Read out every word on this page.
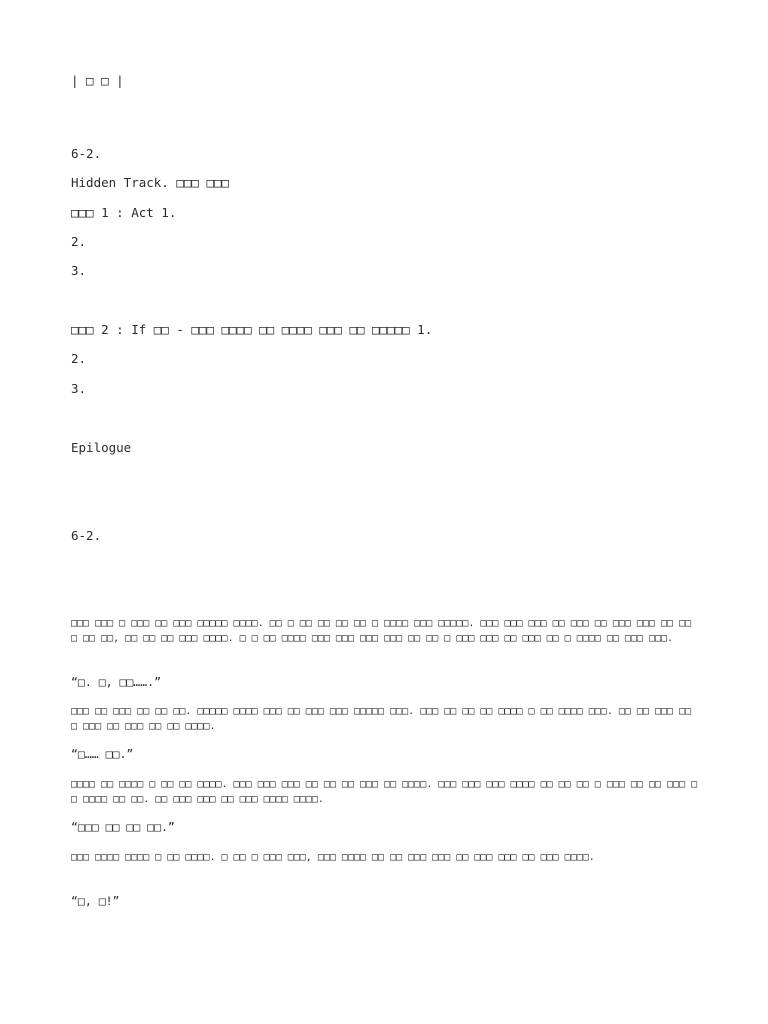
| □ □ |
6-2.
Hidden Track. □□□ □□□
□□□ 1 : Act 1.
2.
3.
□□□ 2 : If □□ - □□□ □□□□ □□ □□□□ □□□ □□ □□□□□ 1.
2.
3.
Epilogue
6-2.
□□□ □□□ □ □□□ □□ □□□ □□□□□ □□□□. □□ □ □□ □□ □□ □□ □ □□□□ □□□ □□□□□. □□□ □□□ □□□ □□ □□□ □□ □□□ □□□ □□ □□ □ □□ □□, □□ □□ □□ □□□ □□□□. □ □ □□ □□□□ □□□ □□□ □□□ □□□ □□ □□ □ □□□ □□□ □□ □□□ □□ □ □□□□ □□ □□□ □□□.
“□. □, □□…….”
□□□ □□ □□□ □□ □□ □□. □□□□□ □□□□ □□□ □□ □□□ □□□ □□□□□ □□□. □□□ □□ □□ □□ □□□□ □ □□ □□□□ □□□. □□ □□ □□□ □□ □ □□□ □□ □□□ □□ □□ □□□□.
“□…… □□.”
□□□□ □□ □□□□ □ □□ □□ □□□□. □□□ □□□ □□□ □□ □□ □□ □□□ □□ □□□□. □□□ □□□ □□□ □□□□ □□ □□ □□ □ □□□ □□ □□ □□□ □□ □□□□ □□ □□. □□ □□□ □□□ □□ □□□ □□□□ □□□□.
“□□□ □□ □□ □□.”
□□□ □□□□ □□□□ □ □□ □□□□. □ □□ □ □□□ □□□, □□□ □□□□ □□ □□ □□□ □□□ □□ □□□ □□□ □□ □□□ □□□□.
“□, □!”
